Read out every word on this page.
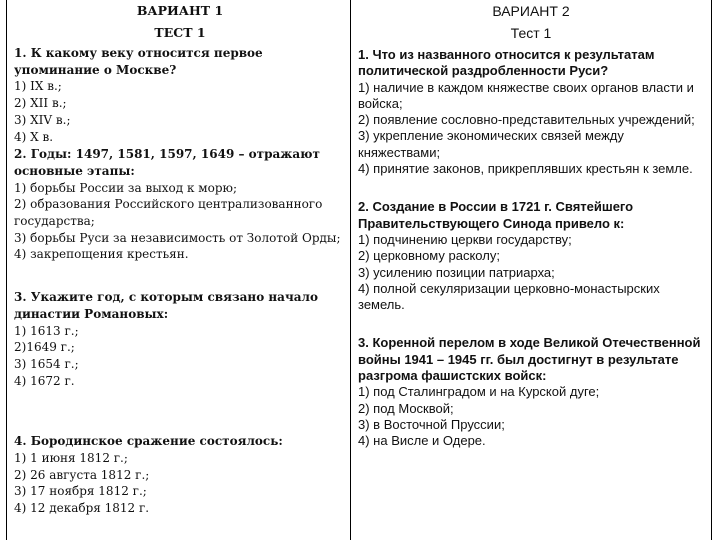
ВАРИАНТ 1
ТЕСТ 1
1. К какому веку относится первое упоминание о Москве?
1) IX в.;
2) XII в.;
3) XIV в.;
4) X в.
2. Годы: 1497, 1581, 1597, 1649 – отражают основные этапы:
1) борьбы России за выход к морю;
2) образования Российского централизованного государства;
3) борьбы Руси за независимость от Золотой Орды;
4) закрепощения крестьян.
3. Укажите год, с которым связано начало династии Романовых:
1) 1613 г.;
2)1649 г.;
3) 1654 г.;
4) 1672 г.
4. Бородинское сражение состоялось:
1) 1 июня 1812 г.;
2) 26 августа 1812 г.;
3) 17 ноября 1812 г.;
4) 12 декабря 1812 г.
ВАРИАНТ 2
Тест 1
1. Что из названного относится к результатам политической раздробленности Руси?
1) наличие в каждом княжестве своих органов власти и войска;
2) появление сословно-представительных учреждений;
3) укрепление экономических связей между княжествами;
4) принятие законов, прикреплявших крестьян к земле.
2. Создание в России в 1721 г. Святейшего Правительствующего Синода привело к:
1) подчинению церкви государству;
2) церковному расколу;
3) усилению позиции патриарха;
4) полной секуляризации церковно-монастырских земель.
3. Коренной перелом в ходе Великой Отечественной войны 1941 – 1945 гг. был достигнут в результате разгрома фашистских войск:
1) под Сталинградом и на Курской дуге;
2) под Москвой;
3) в Восточной Пруссии;
4) на Висле и Одере.
